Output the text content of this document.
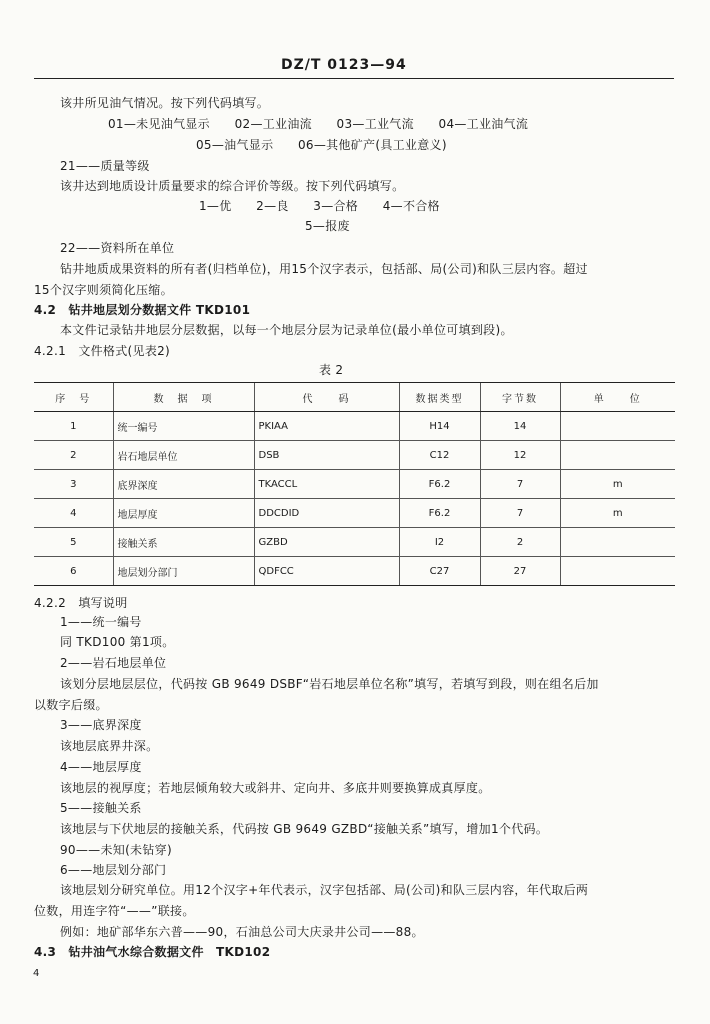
DZ/T 0123—94
该井所见油气情况。按下列代码填写。
01—未见油气显示　　02—工业油流　　03—工业气流　　04—工业油气流
05—油气显示　　06—其他矿产(具工业意义)
21——质量等级
该井达到地质设计质量要求的综合评价等级。按下列代码填写。
1—优　　2—良　　3—合格　　4—不合格
5—报废
22——资料所在单位
钻井地质成果资料的所有者(归档单位)，用15个汉字表示，包括部、局(公司)和队三层内容。超过
15个汉字则须简化压缩。
4.2　钻井地层划分数据文件 TKD101
本文件记录钻井地层分层数据，以每一个地层分层为记录单位(最小单位可填到段)。
4.2.1　文件格式(见表2)
表 2
序　号	数　据　项	代　　码	数据类型	字节数	单　　位
1	统一编号	PKIAA	H14	14	
2	岩石地层单位	DSB	C12	12	
3	底界深度	TKACCL	F6.2	7	m
4	地层厚度	DDCDID	F6.2	7	m
5	接触关系	GZBD	I2	2	
6	地层划分部门	QDFCC	C27	27	
4.2.2　填写说明
1——统一编号
同 TKD100 第1项。
2——岩石地层单位
该划分层地层层位，代码按 GB 9649 DSBF“岩石地层单位名称”填写，若填写到段，则在组名后加
以数字后缀。
3——底界深度
该地层底界井深。
4——地层厚度
该地层的视厚度；若地层倾角较大或斜井、定向井、多底井则要换算成真厚度。
5——接触关系
该地层与下伏地层的接触关系，代码按 GB 9649 GZBD“接触关系”填写，增加1个代码。
90——未知(未钻穿)
6——地层划分部门
该地层划分研究单位。用12个汉字+年代表示，汉字包括部、局(公司)和队三层内容，年代取后两
位数，用连字符“——”联接。
例如：地矿部华东六普——90，石油总公司大庆录井公司——88。
4.3　钻井油气水综合数据文件　TKD102
4
